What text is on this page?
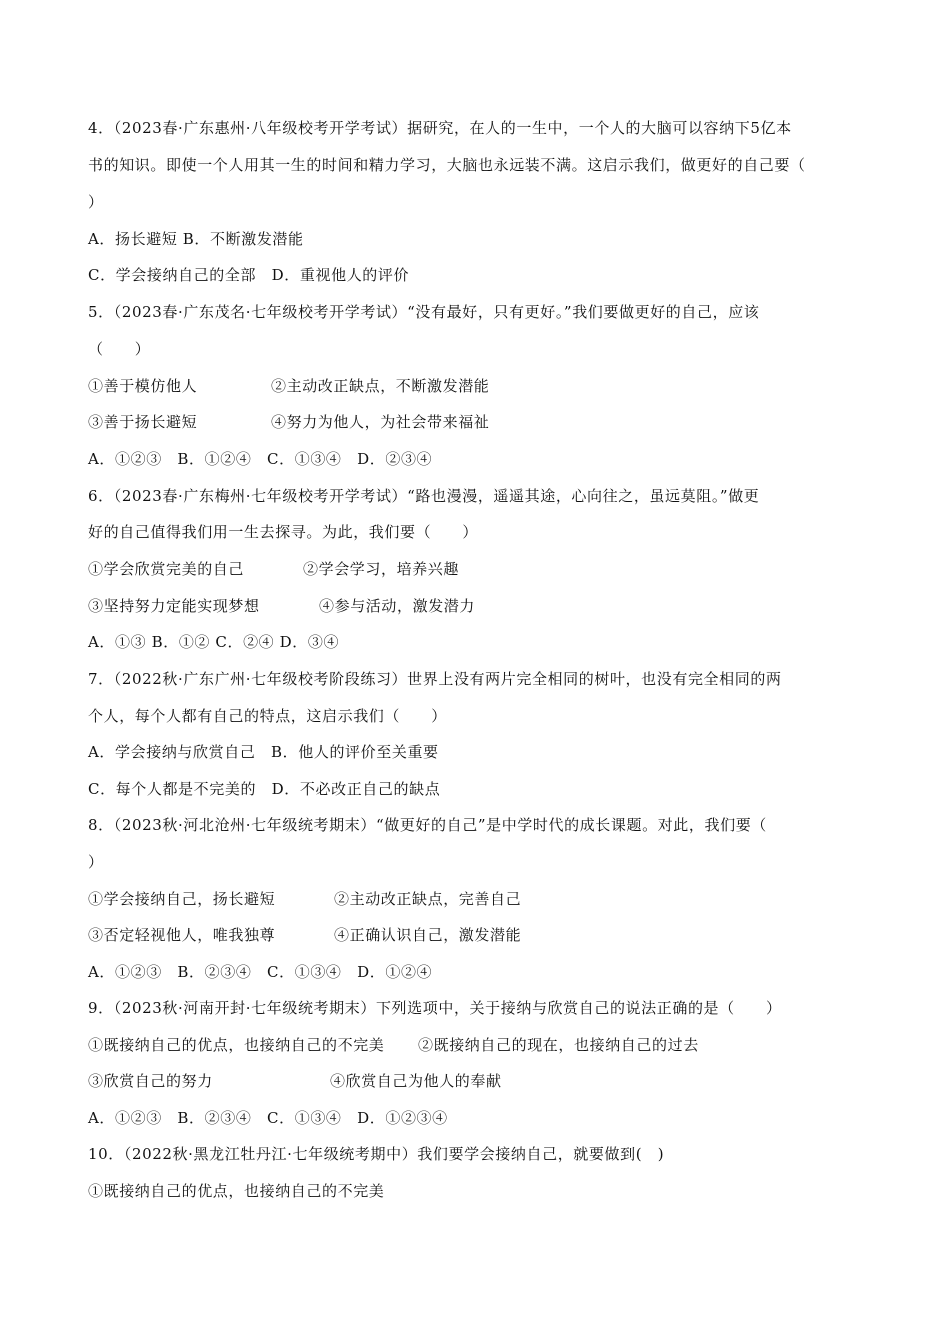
4．（2023春·广东惠州·八年级校考开学考试）据研究，在人的一生中，一个人的大脑可以容纳下5亿本
书的知识。即使一个人用其一生的时间和精力学习，大脑也永远装不满。这启示我们，做更好的自己要（
）
A．扬长避短 B．不断激发潜能
C．学会接纳自己的全部　D．重视他人的评价
5．（2023春·广东茂名·七年级校考开学考试）“没有最好，只有更好。”我们要做更好的自己，应该
（　　）
①善于模仿他人	②主动改正缺点，不断激发潜能
③善于扬长避短	④努力为他人，为社会带来福祉
A．①②③　B．①②④　C．①③④　D．②③④
6．（2023春·广东梅州·七年级校考开学考试）“路也漫漫，遥遥其途，心向往之，虽远莫阻。”做更
好的自己值得我们用一生去探寻。为此，我们要（　　）
①学会欣赏完美的自己	②学会学习，培养兴趣
③坚持努力定能实现梦想	④参与活动，激发潜力
A．①③ B．①② C．②④ D．③④
7．（2022秋·广东广州·七年级校考阶段练习）世界上没有两片完全相同的树叶，也没有完全相同的两
个人，每个人都有自己的特点，这启示我们（　　）
A．学会接纳与欣赏自己　B．他人的评价至关重要
C．每个人都是不完美的　D．不必改正自己的缺点
8．（2023秋·河北沧州·七年级统考期末）“做更好的自己”是中学时代的成长课题。对此，我们要（
）
①学会接纳自己，扬长避短	②主动改正缺点，完善自己
③否定轻视他人，唯我独尊	④正确认识自己，激发潜能
A．①②③　B．②③④　C．①③④　D．①②④
9．（2023秋·河南开封·七年级统考期末）下列选项中，关于接纳与欣赏自己的说法正确的是（　　）
①既接纳自己的优点，也接纳自己的不完美 ②既接纳自己的现在，也接纳自己的过去
③欣赏自己的努力	④欣赏自己为他人的奉献
A．①②③　B．②③④　C．①③④　D．①②③④
10．（2022秋·黑龙江牡丹江·七年级统考期中）我们要学会接纳自己，就要做到(　)
①既接纳自己的优点，也接纳自己的不完美
